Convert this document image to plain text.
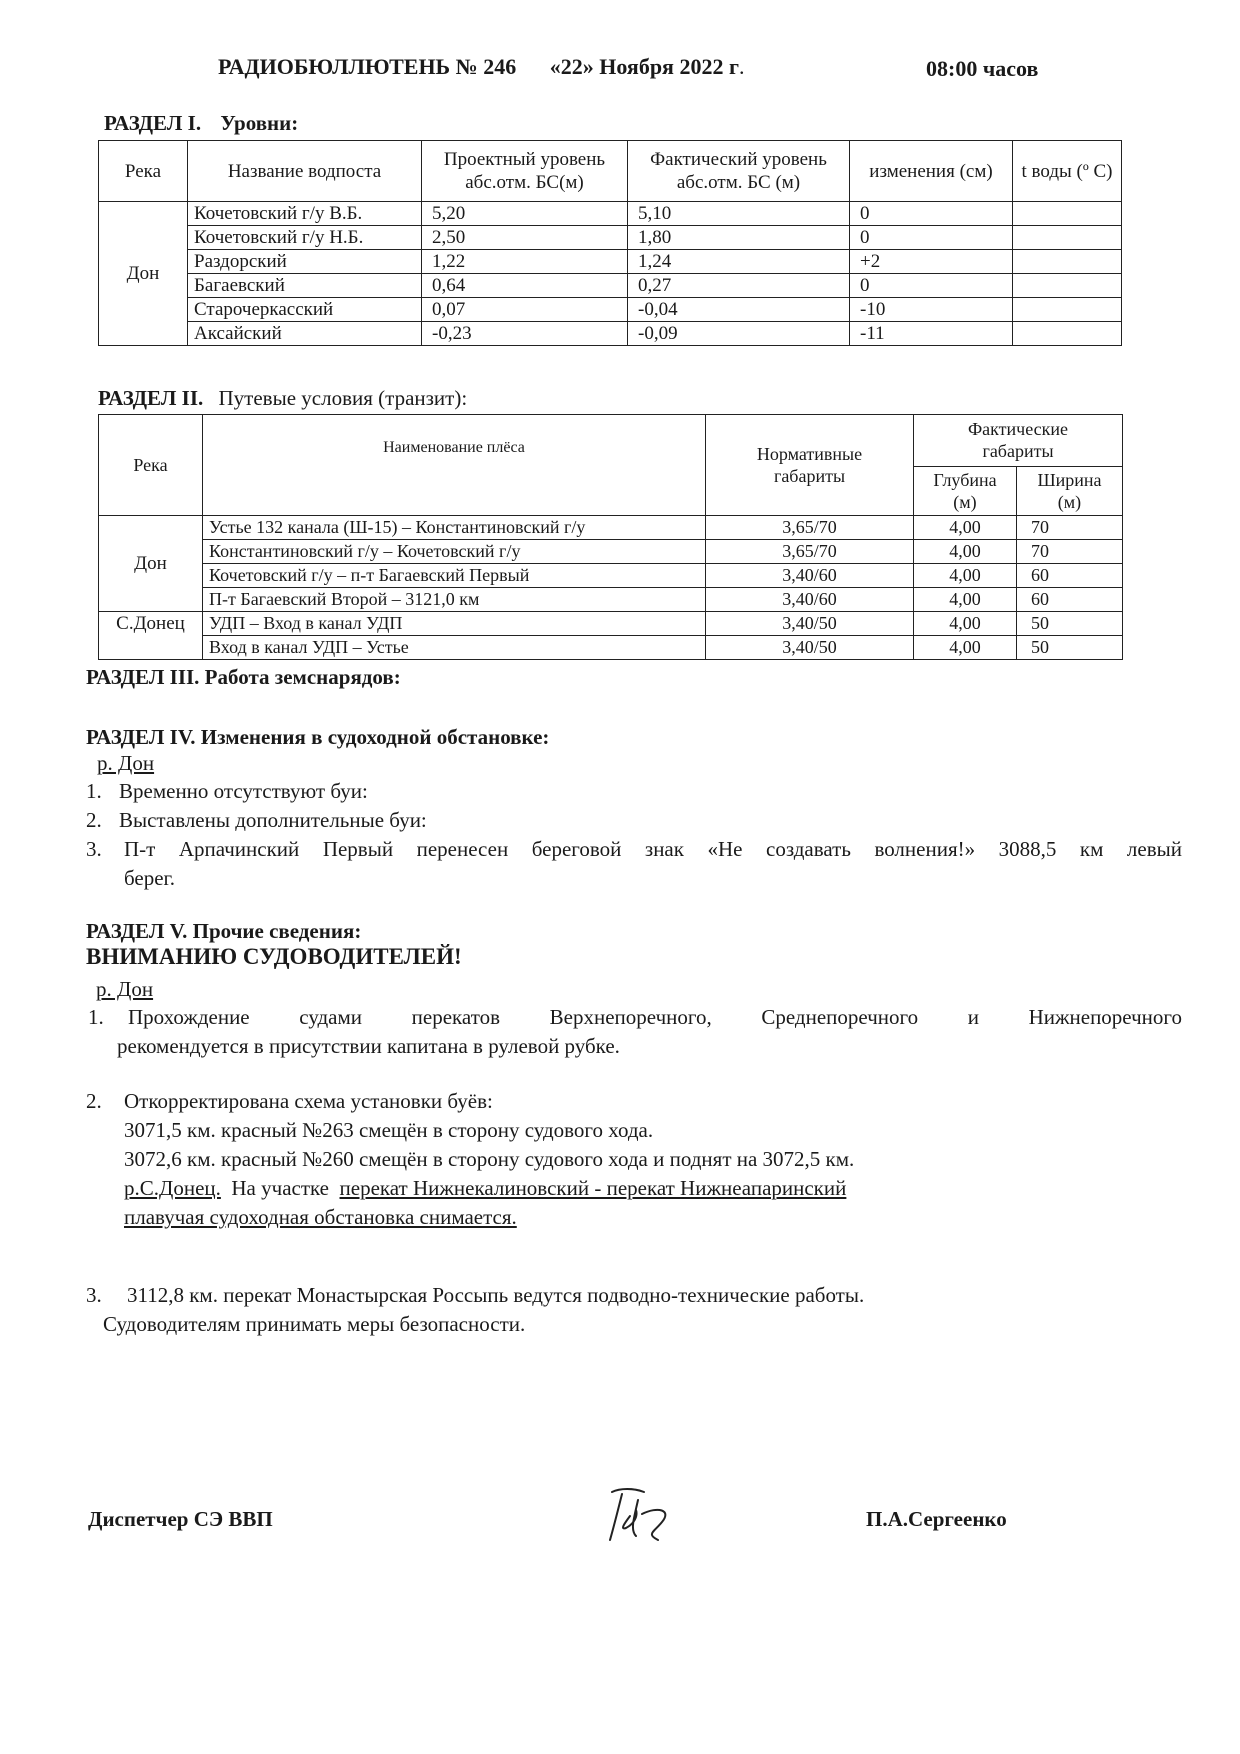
РАДИОБЮЛЛЮТЕНЬ № 246 «22» Ноября 2022 г.	08:00 часов
РАЗДЕЛ I. Уровни:
Река	Название водпоста	Проектный уровень абс.отм. БС(м)	Фактический уровень абс.отм. БС (м)	изменения (см)	t воды (º С)
Дон	Кочетовский г/у В.Б.	5,20	5,10	0	
	Кочетовский г/у Н.Б.	2,50	1,80	0	
	Раздорский	1,22	1,24	+2	
	Багаевский	0,64	0,27	0	
	Старочеркасский	0,07	-0,04	-10	
	Аксайский	-0,23	-0,09	-11	
РАЗДЕЛ II. Путевые условия (транзит):
Река	Наименование плёса	Нормативные габариты	Фактические габариты	
			Глубина (м)	Ширина (м)
Дон	Устье 132 канала (Ш-15) – Константиновский г/у	3,65/70	4,00	70
	Константиновский г/у – Кочетовский г/у	3,65/70	4,00	70
	Кочетовский г/у – п-т Багаевский Первый	3,40/60	4,00	60
	П-т Багаевский Второй – 3121,0 км	3,40/60	4,00	60
С.Донец	УДП – Вход в канал УДП	3,40/50	4,00	50
	Вход в канал УДП – Устье	3,40/50	4,00	50
РАЗДЕЛ III. Работа земснарядов:
РАЗДЕЛ IV. Изменения в судоходной обстановке:
р. Дон
1. Временно отсутствуют буи:
2. Выставлены дополнительные буи:
3. П-т Арпачинский Первый перенесен береговой знак «Не создавать волнения!» 3088,5 км левый
берег.
РАЗДЕЛ V. Прочие сведения:
ВНИМАНИЮ СУДОВОДИТЕЛЕЙ!
р. Дон
1. Прохождение судами перекатов Верхнепоречного, Среднепоречного и Нижнепоречного
рекомендуется в присутствии капитана в рулевой рубке.
2. Откорректирована схема установки буёв:
3071,5 км. красный №263 смещён в сторону судового хода.
3072,6 км. красный №260 смещён в сторону судового хода и поднят на 3072,5 км.
р.С.Донец.  На участке  перекат Нижнекалиновский - перекат Нижнеапаринский
плавучая судоходная обстановка снимается.
3. 3112,8 км. перекат Монастырская Россыпь ведутся подводно-технические работы.
Судоводителям принимать меры безопасности.
Диспетчер СЭ ВВП	П.А.Сергеенко
